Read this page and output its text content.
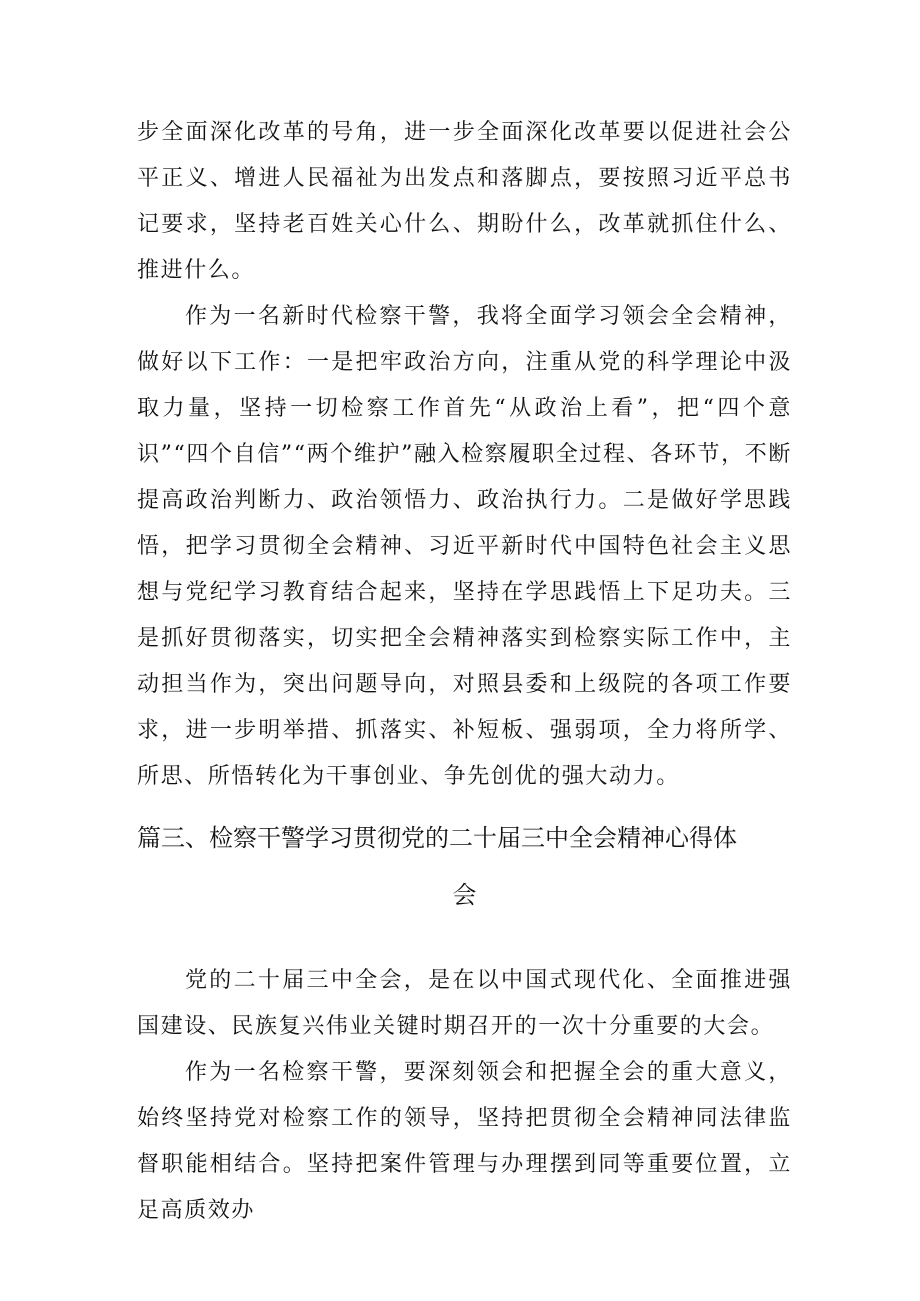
步全面深化改革的号角，进一步全面深化改革要以促进社会公平正义、增进人民福祉为出发点和落脚点，要按照习近平总书记要求，坚持老百姓关心什么、期盼什么，改革就抓住什么、推进什么。

作为一名新时代检察干警，我将全面学习领会全会精神，做好以下工作：一是把牢政治方向，注重从党的科学理论中汲取力量，坚持一切检察工作首先“从政治上看”，把“四个意识”“四个自信”“两个维护”融入检察履职全过程、各环节，不断提高政治判断力、政治领悟力、政治执行力。二是做好学思践悟，把学习贯彻全会精神、习近平新时代中国特色社会主义思想与党纪学习教育结合起来，坚持在学思践悟上下足功夫。三是抓好贯彻落实，切实把全会精神落实到检察实际工作中，主动担当作为，突出问题导向，对照县委和上级院的各项工作要求，进一步明举措、抓落实、补短板、强弱项，全力将所学、所思、所悟转化为干事创业、争先创优的强大动力。

篇三、检察干警学习贯彻党的二十届三中全会精神心得体

会

党的二十届三中全会，是在以中国式现代化、全面推进强国建设、民族复兴伟业关键时期召开的一次十分重要的大会。

作为一名检察干警，要深刻领会和把握全会的重大意义，始终坚持党对检察工作的领导，坚持把贯彻全会精神同法律监督职能相结合。坚持把案件管理与办理摆到同等重要位置，立足高质效办
